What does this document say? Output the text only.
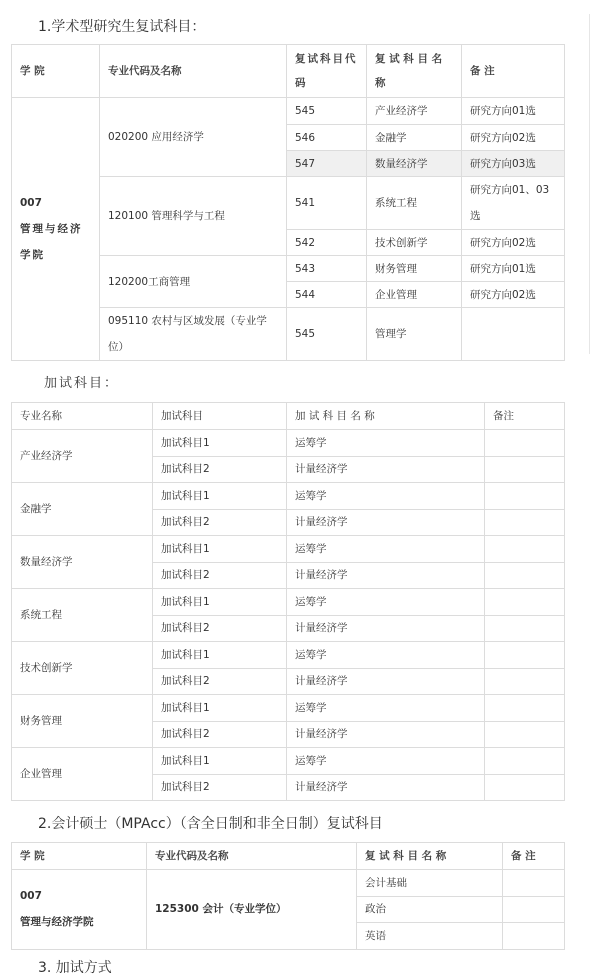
1.学术型研究生复试科目：
学 院	专业代码及名称	复试科目代码	复 试 科 目 名 称	备 注
007
管理与经济学院	020200 应用经济学	545	产业经济学	研究方向01选
		546	金融学	研究方向02选
		547	数量经济学	研究方向03选
	120100 管理科学与工程	541	系统工程	研究方向01、03选
		542	技术创新学	研究方向02选
	120200工商管理	543	财务管理	研究方向01选
		544	企业管理	研究方向02选
	095110 农村与区域发展（专业学位）	545	管理学	
加试科目：
专业名称	加试科目	加 试 科 目 名 称	备注
产业经济学	加试科目1	运筹学	
	加试科目2	计量经济学	
金融学	加试科目1	运筹学	
	加试科目2	计量经济学	
数量经济学	加试科目1	运筹学	
	加试科目2	计量经济学	
系统工程	加试科目1	运筹学	
	加试科目2	计量经济学	
技术创新学	加试科目1	运筹学	
	加试科目2	计量经济学	
财务管理	加试科目1	运筹学	
	加试科目2	计量经济学	
企业管理	加试科目1	运筹学	
	加试科目2	计量经济学	
2.会计硕士（MPAcc）（含全日制和非全日制）复试科目
学 院	专业代码及名称	复 试 科 目 名 称	备 注
007
管理与经济学院	125300 会计（专业学位）	会计基础	
		政治	
		英语	
3. 加试方式
